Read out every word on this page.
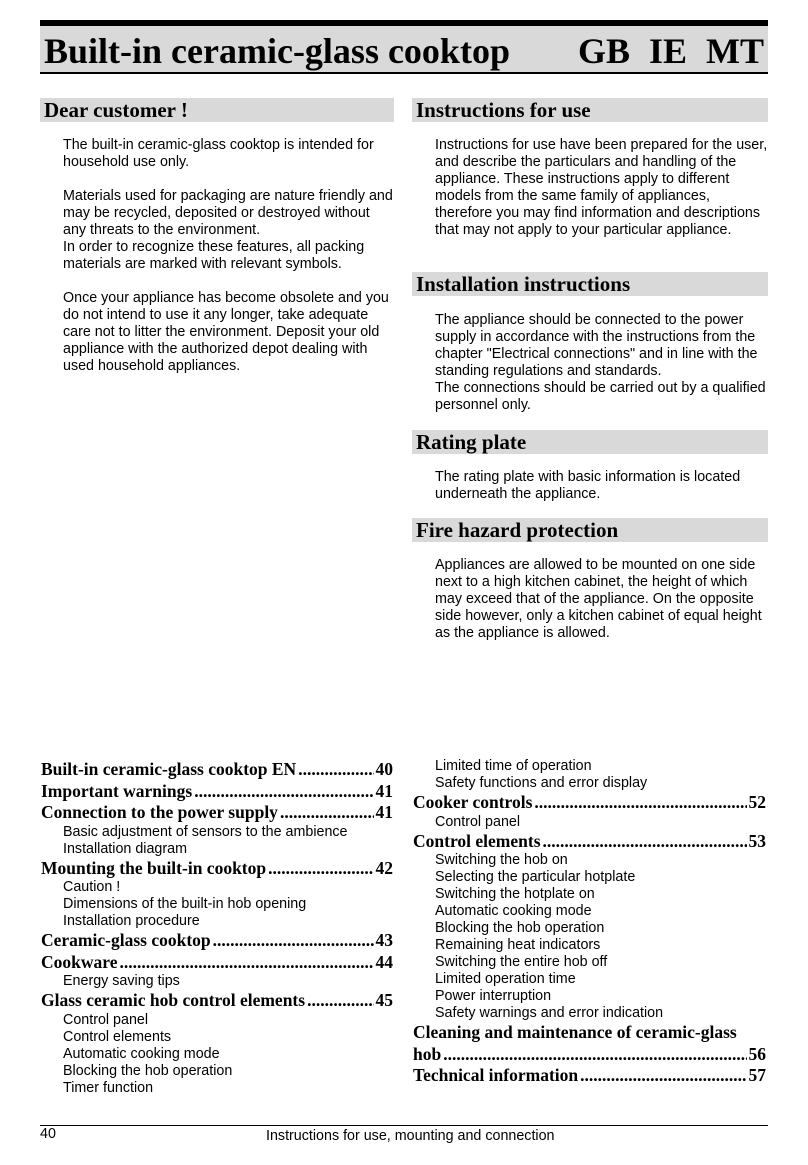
Built-in ceramic-glass cooktop GB IE MT
Dear customer !

The built-in ceramic-glass cooktop is intended for household use only.

Materials used for packaging are nature friendly and may be recycled, deposited or destroyed without any threats to the environment.

In order to recognize these features, all packing materials are marked with relevant symbols.

Once your appliance has become obsolete and you do not intend to use it any longer, take adequate care not to litter the environment. Deposit your old appliance with the authorized depot dealing with used household appliances.

Instructions for use

Instructions for use have been prepared for the user, and describe the particulars and handling of the appliance. These instructions apply to different models from the same family of appliances, therefore you may find information and descriptions that may not apply to your particular appliance.

Installation instructions

The appliance should be connected to the power supply in accordance with the instructions from the chapter "Electrical connections" and in line with the standing regulations and standards.

The connections should be carried out by a qualified personnel only.

Rating plate

The rating plate with basic information is located underneath the appliance.

Fire hazard protection

Appliances are allowed to be mounted on one side next to a high kitchen cabinet, the height of which may exceed that of the appliance. On the opposite side however, only a kitchen cabinet of equal height as the appliance is allowed.

Built-in ceramic-glass cooktop EN .....	40
Important warnings .....	41
Connection to the power supply .....	41
Basic adjustment of sensors to the ambience
Installation diagram
Mounting the built-in cooktop .....	42
Caution !
Dimensions of the built-in hob opening
Installation procedure
Ceramic-glass cooktop .....	43
Cookware .....	44
Energy saving tips
Glass ceramic hob control elements .....	45
Control panel
Control elements
Automatic cooking mode
Blocking the hob operation
Timer function
Limited time of operation
Safety functions and error display
Cooker controls .....	52
Control panel
Control elements .....	53
Switching the hob on
Selecting the particular hotplate
Switching the hotplate on
Automatic cooking mode
Blocking the hob operation
Remaining heat indicators
Switching the entire hob off
Limited operation time
Power interruption
Safety warnings and error indication
Cleaning and maintenance of ceramic-glass
hob .....	56
Technical information .....	57
40	Instructions for use, mounting and connection
